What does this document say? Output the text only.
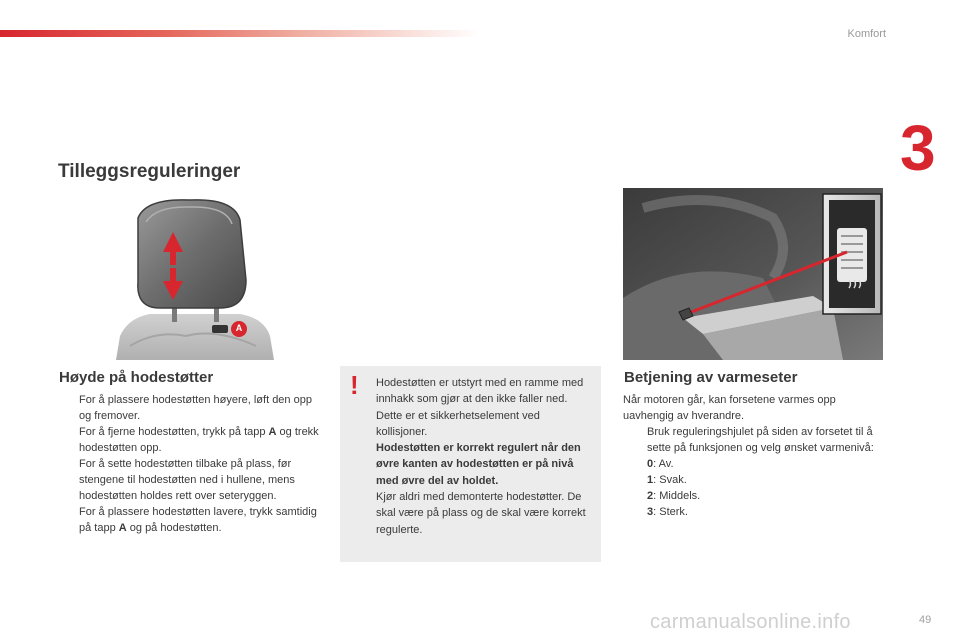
Komfort
3
Tilleggsreguleringer
A
Høyde på hodestøtter
For å plassere hodestøtten høyere, løft den opp og fremover.
For å fjerne hodestøtten, trykk på tapp A og trekk hodestøtten opp.
For å sette hodestøtten tilbake på plass, før stengene til hodestøtten ned i hullene, mens hodestøtten holdes rett over seteryggen.
For å plassere hodestøtten lavere, trykk samtidig på tapp A og på hodestøtten.
! Hodestøtten er utstyrt med en ramme med innhakk som gjør at den ikke faller ned. Dette er et sikkerhetselement ved kollisjoner.

Hodestøtten er korrekt regulert når den øvre kanten av hodestøtten er på nivå med øvre del av holdet.

Kjør aldri med demonterte hodestøtter. De skal være på plass og de skal være korrekt regulerte.

Betjening av varmeseter

Når motoren går, kan forsetene varmes opp uavhengig av hverandre.

Bruk reguleringshjulet på siden av forsetet til å sette på funksjonen og velg ønsket varmenivå:

0: Av.

1: Svak.

2: Middels.

3: Sterk.

carmanualsonline.info	49
